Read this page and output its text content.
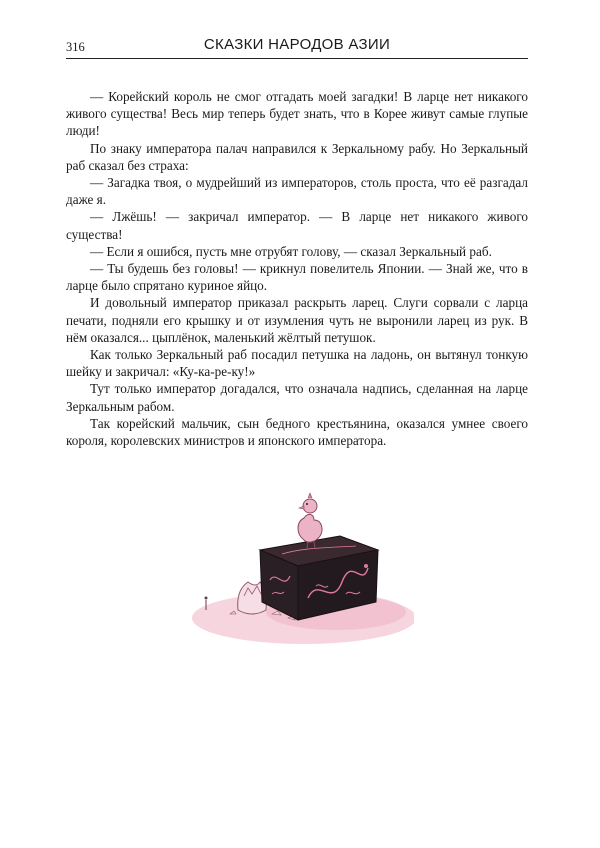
316	СКАЗКИ НАРОДОВ АЗИИ

— Корейский король не смог отгадать моей загадки! В ларце нет никакого живого существа! Весь мир теперь будет знать, что в Корее живут самые глупые люди!

По знаку императора палач направился к Зеркальному рабу. Но Зеркальный раб сказал без страха:

— Загадка твоя, о мудрейший из императоров, столь проста, что её разгадал даже я.

— Лжёшь! — закричал император. — В ларце нет никакого живого существа!

— Если я ошибся, пусть мне отрубят голову, — сказал Зеркальный раб.

— Ты будешь без головы! — крикнул повелитель Японии. — Знай же, что в ларце было спрятано куриное яйцо.

И довольный император приказал раскрыть ларец. Слуги сорвали с ларца печати, подняли его крышку и от изумления чуть не выронили ларец из рук. В нём оказался... цыплёнок, маленький жёлтый петушок.

Как только Зеркальный раб посадил петушка на ладонь, он вытянул тонкую шейку и закричал: «Ку-ка-ре-ку!»

Тут только император догадался, что означала надпись, сделанная на ларце Зеркальным рабом.

Так корейский мальчик, сын бедного крестьянина, оказался умнее своего короля, королевских министров и японского императора.
